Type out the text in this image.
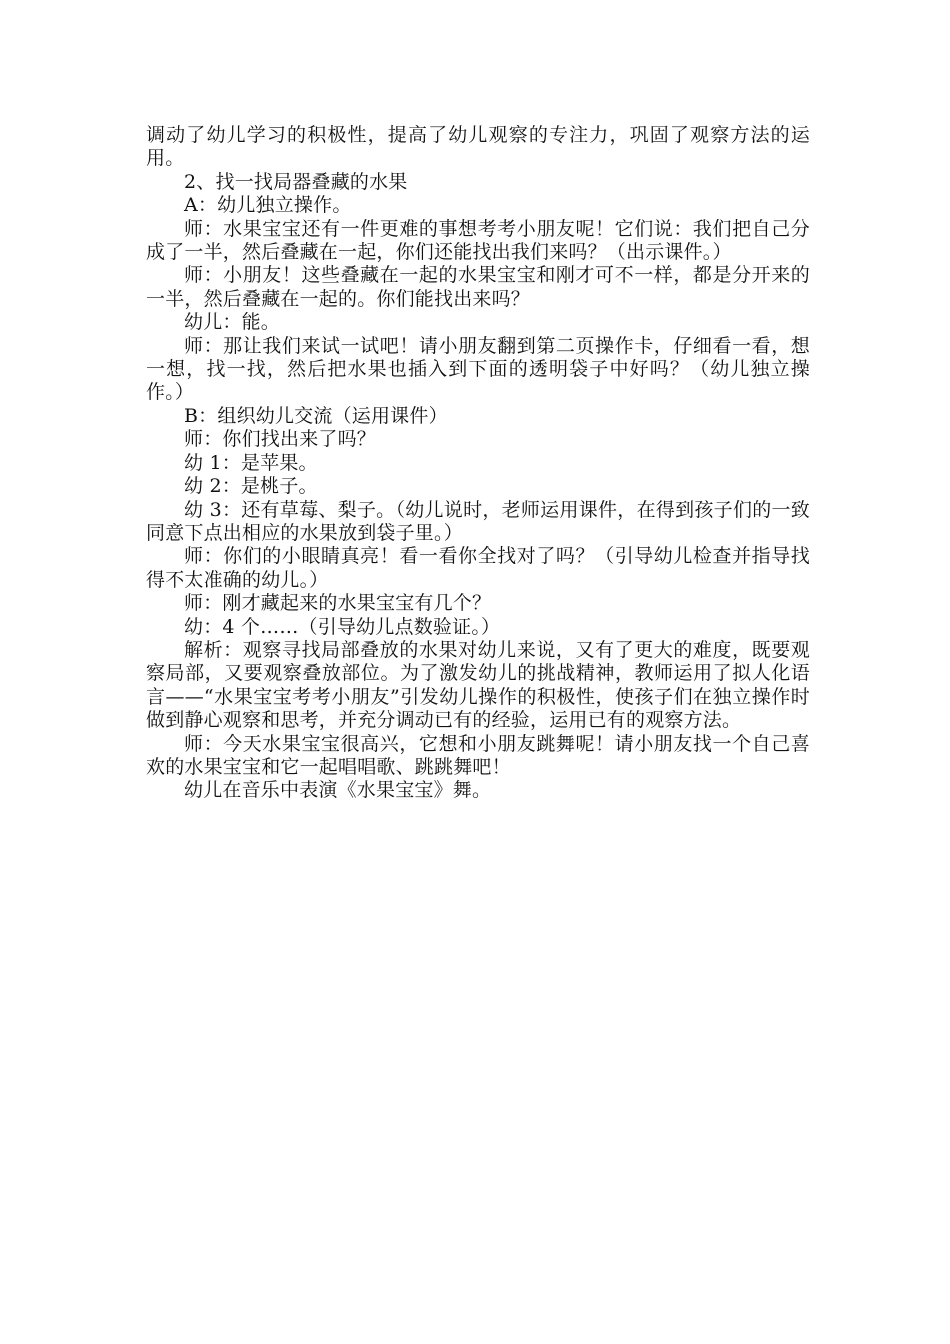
调动了幼儿学习的积极性，提高了幼儿观察的专注力，巩固了观察方法的运用。

2、找一找局器叠藏的水果

A：幼儿独立操作。

师：水果宝宝还有一件更难的事想考考小朋友呢！它们说：我们把自己分成了一半，然后叠藏在一起，你们还能找出我们来吗？（出示课件。）

师：小朋友！这些叠藏在一起的水果宝宝和刚才可不一样，都是分开来的一半，然后叠藏在一起的。你们能找出来吗？

幼儿：能。

师：那让我们来试一试吧！请小朋友翻到第二页操作卡，仔细看一看，想一想，找一找，然后把水果也插入到下面的透明袋子中好吗？（幼儿独立操作。）

B：组织幼儿交流（运用课件）

师：你们找出来了吗？

幼 1：是苹果。

幼 2：是桃子。

幼 3：还有草莓、梨子。（幼儿说时，老师运用课件，在得到孩子们的一致同意下点出相应的水果放到袋子里。）

师：你们的小眼睛真亮！看一看你全找对了吗？（引导幼儿检查并指导找得不太准确的幼儿。）

师：刚才藏起来的水果宝宝有几个？

幼：4 个……（引导幼儿点数验证。）

解析：观察寻找局部叠放的水果对幼儿来说，又有了更大的难度，既要观察局部，又要观察叠放部位。为了激发幼儿的挑战精神，教师运用了拟人化语言——“水果宝宝考考小朋友”引发幼儿操作的积极性，使孩子们在独立操作时做到静心观察和思考，并充分调动已有的经验，运用已有的观察方法。

师：今天水果宝宝很高兴，它想和小朋友跳舞呢！请小朋友找一个自己喜欢的水果宝宝和它一起唱唱歌、跳跳舞吧！

幼儿在音乐中表演《水果宝宝》舞。
